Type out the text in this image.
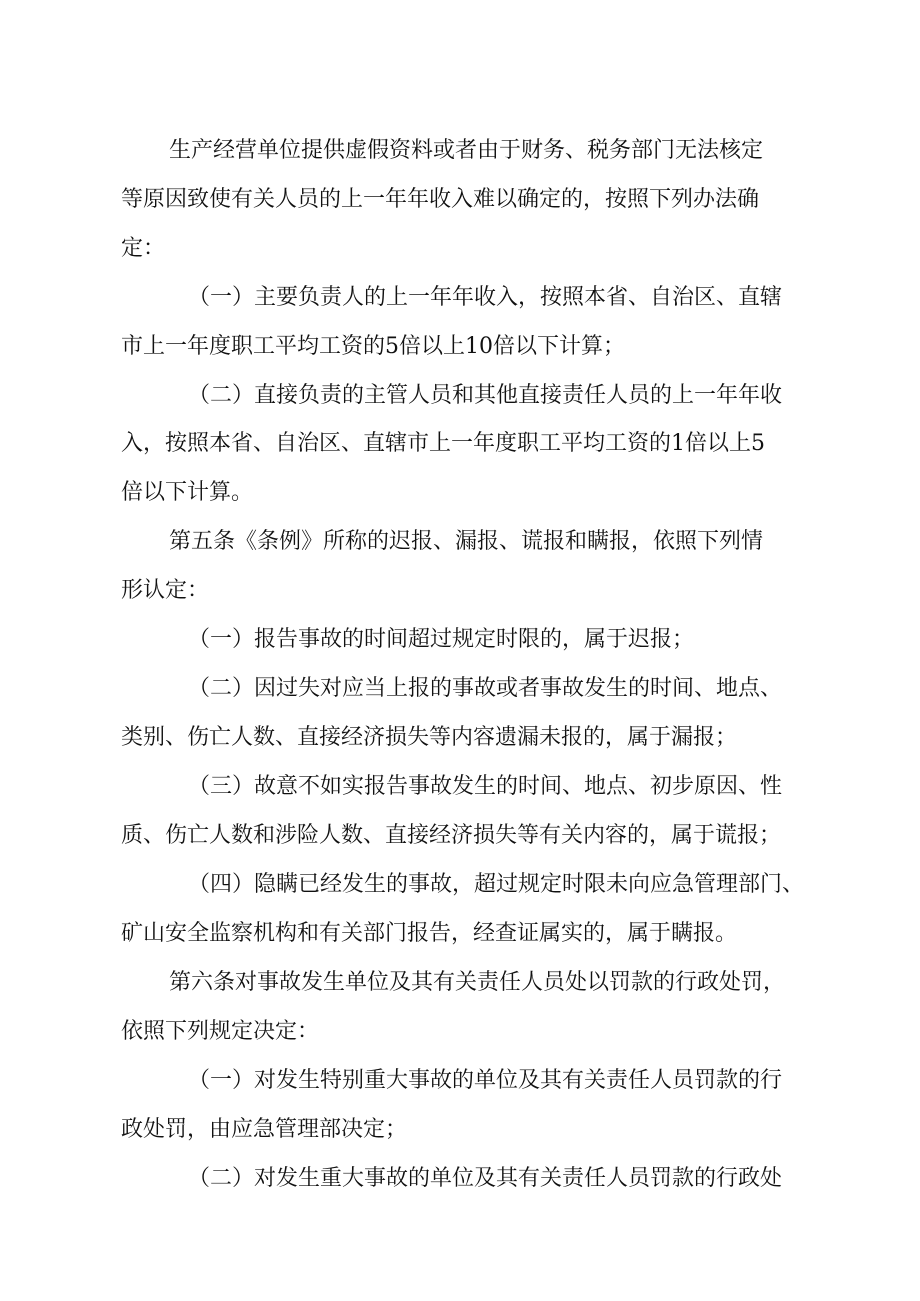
生产经营单位提供虚假资料或者由于财务、税务部门无法核定
等原因致使有关人员的上一年年收入难以确定的，按照下列办法确
定：
（一）主要负责人的上一年年收入，按照本省、自治区、直辖
市上一年度职工平均工资的5倍以上10倍以下计算；
（二）直接负责的主管人员和其他直接责任人员的上一年年收
入，按照本省、自治区、直辖市上一年度职工平均工资的1倍以上5
倍以下计算。
第五条《条例》所称的迟报、漏报、谎报和瞒报，依照下列情
形认定：
（一）报告事故的时间超过规定时限的，属于迟报；
（二）因过失对应当上报的事故或者事故发生的时间、地点、
类别、伤亡人数、直接经济损失等内容遗漏未报的，属于漏报；
（三）故意不如实报告事故发生的时间、地点、初步原因、性
质、伤亡人数和涉险人数、直接经济损失等有关内容的，属于谎报；
（四）隐瞒已经发生的事故，超过规定时限未向应急管理部门、
矿山安全监察机构和有关部门报告，经查证属实的，属于瞒报。
第六条对事故发生单位及其有关责任人员处以罚款的行政处罚，
依照下列规定决定：
（一）对发生特别重大事故的单位及其有关责任人员罚款的行
政处罚，由应急管理部决定；
（二）对发生重大事故的单位及其有关责任人员罚款的行政处
